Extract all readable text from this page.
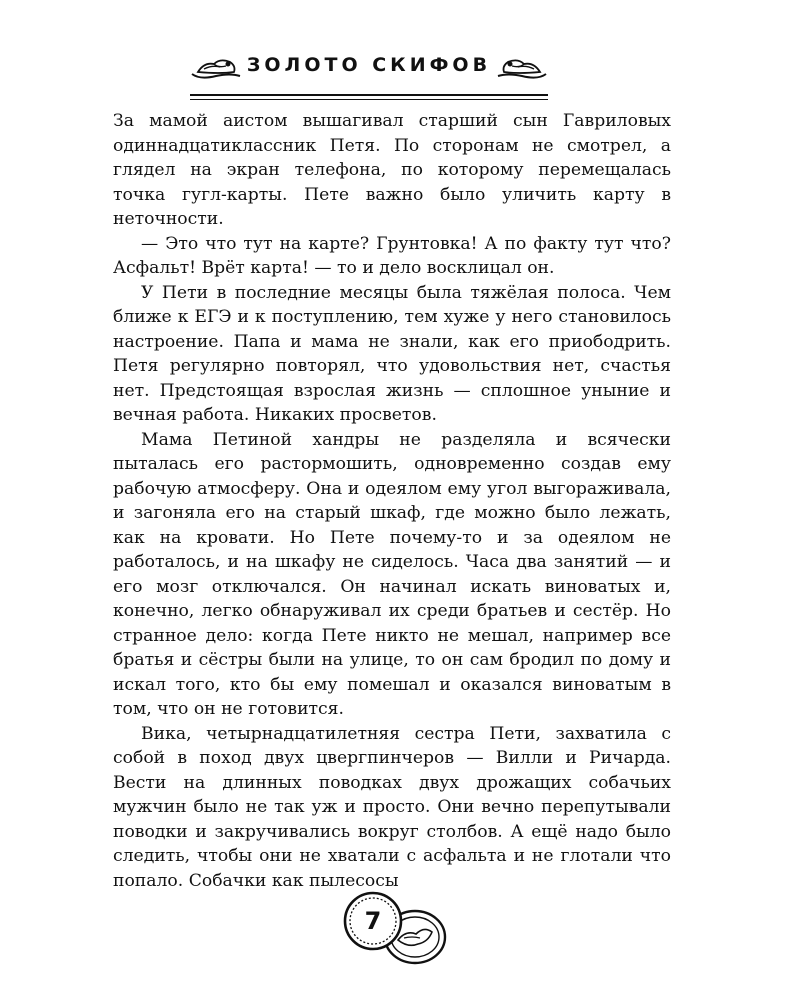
ЗОЛОТО СКИФОВ

За мамой аистом вышагивал старший сын Гавриловых одиннадцатиклассник Петя. По сторонам не смотрел, а глядел на экран телефона, по которому перемещалась точка гугл-карты. Пете важно было уличить карту в неточности.

— Это что тут на карте? Грунтовка! А по факту тут что? Асфальт! Врёт карта! — то и дело восклицал он.

У Пети в последние месяцы была тяжёлая полоса. Чем ближе к ЕГЭ и к поступлению, тем хуже у него становилось настроение. Папа и мама не знали, как его приободрить. Петя регулярно повторял, что удовольствия нет, счастья нет. Предстоящая взрослая жизнь — сплошное уныние и вечная работа. Никаких просветов.

Мама Петиной хандры не разделяла и всячески пыталась его растормошить, одновременно создав ему рабочую атмосферу. Она и одеялом ему угол выгораживала, и загоняла его на старый шкаф, где можно было лежать, как на кровати. Но Пете почему-то и за одеялом не работалось, и на шкафу не сиделось. Часа два занятий — и его мозг отключался. Он начинал искать виноватых и, конечно, легко обнаруживал их среди братьев и сестёр. Но странное дело: когда Пете никто не мешал, например все братья и сёстры были на улице, то он сам бродил по дому и искал того, кто бы ему помешал и оказался виноватым в том, что он не готовится.

Вика, четырнадцатилетняя сестра Пети, захватила с собой в поход двух цвергпинчеров — Вилли и Ричарда. Вести на длинных поводках двух дрожащих собачьих мужчин было не так уж и просто. Они вечно перепутывали поводки и закручивались вокруг столбов. А ещё надо было следить, чтобы они не хватали с асфальта и не глотали что попало. Собачки как пылесосы

7
